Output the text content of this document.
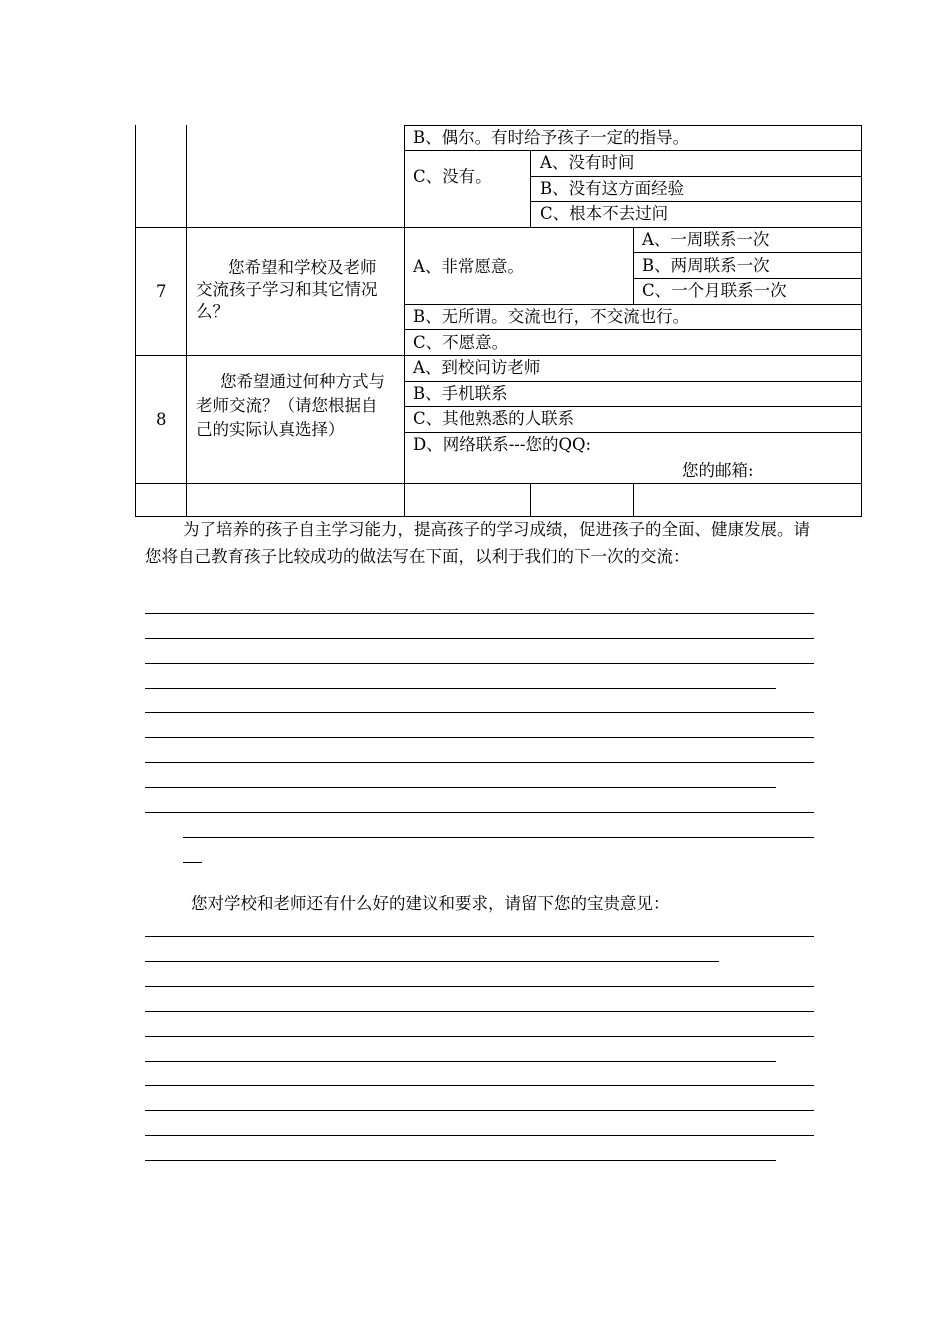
B、偶尔。有时给予孩子一定的指导。
C、没有。
A、没有时间
B、没有这方面经验
C、根本不去过问
7
您希望和学校及老师交流孩子学习和其它情况么？
A、非常愿意。
A、一周联系一次
B、两周联系一次
C、一个月联系一次
B、无所谓。交流也行，不交流也行。
C、不愿意。
8
您希望通过何种方式与老师交流？（请您根据自己的实际认真选择）
A、到校问访老师
B、手机联系
C、其他熟悉的人联系
D、网络联系---您的QQ:
您的邮箱:
为了培养的孩子自主学习能力，提高孩子的学习成绩，促进孩子的全面、健康发展。请您将自己教育孩子比较成功的做法写在下面，以利于我们的下一次的交流：
您对学校和老师还有什么好的建议和要求，请留下您的宝贵意见：
